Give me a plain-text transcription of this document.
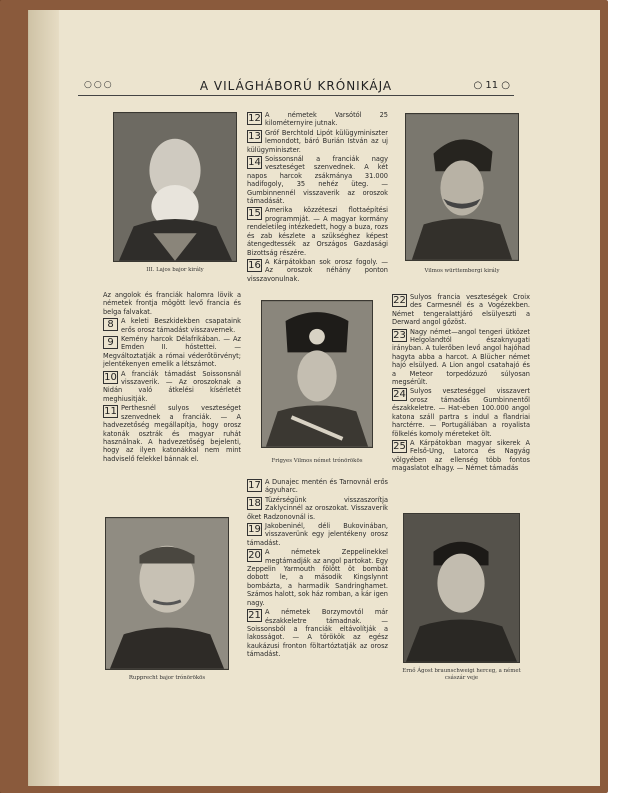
○○○	A VILÁGHÁBORÚ KRÓNIKÁJA	○ 11 ○
III. Lajos bajor király	Vilmos württembergi király
Frigyes Vilmos német trónörökös
Rupprecht bajor trónörökös
Ernő Ágost braunschweigi herceg, a német császár veje

12 A németek Varsótól 25 kilométernyire jutnak.

13 Gróf Berchtold Lipót külügyminiszter lemondott, báró Burián István az uj külügyminiszter.

14 Soissonsnál a franciák nagy veszteséget szenvednek. A két napos harcok zsákmánya 31.000 hadifogoly, 35 nehéz üteg. — Gumbinnennél visszaverik az oroszok támadását.

15 Amerika közzéteszi flottaépítési programmját. — A magyar kormány rendeletileg intézkedett, hogy a buza, rozs és zab készlete a szükséghez képest átengedtessék az Országos Gazdasági Bizottság részére.

16 A Kárpátokban sok orosz fogoly. — Az oroszok néhány ponton visszavonulnak.

Az angolok és franciák halomra lövik a németek frontja mögött levő francia és belga falvakat.

8	A keleti Beszkidekben csapataink erős orosz támadást visszavernek.

9	Kemény harcok Délafrikában. — Az Emden II. hóstettei. — Megváltoztatják a római véderőtörvényt; jelentékenyen emelik a létszámot.

10 A franciák támadást Soissonsnál visszaverik. — Az oroszoknak a Nidán való átkelési kísérletét meghiusitják.

11 Perthesnél sulyos veszteséget szenvednek a franciák. — A hadvezetőség megállapítja, hogy orosz katonák osztrák és magyar ruhát használnak. A hadvezetőség bejelenti, hogy az ilyen katonákkal nem mint hadviselő felekkel bánnak el.

17 A Dunajec mentén és Tarnovnál erős ágyuharc.

18 Tüzérségünk visszaszorítja Zaklycinnél az oroszokat. Visszaverik őket Radzonovnál is.

19 Jakobeninél, déli Bukovinában, visszaverünk egy jelentékeny orosz támadást.

20 A németek Zeppelinekkel megtámadják az angol partokat. Egy Zeppelin Yarmouth fölött öt bombát dobott le, a második Kingslynnt bombázta, a harmadik Sandringhamet. Számos halott, sok ház romban, a kár igen nagy.

21 A németek Borzymovtól már északkeletre támadnak. — Soissonsból a franciák eltávolítják a lakosságot. — A törökök az egész kaukázusi fronton föltartóztatják az orosz támadást.

22 Sulyos francia veszteségek Croix des Carmesnél és a Vogézekben. Német tengeralattjáró elsülyeszti a Derward angol gőzöst.

23 Nagy német—angol tengeri ütközet Helgolandtól északnyugati irányban. A tulerőben levő angol hajóhad hagyta abba a harcot. A Blücher német hajó elsülyed. A Lion angol csatahajó és a Meteor torpedózuzó súlyosan megsérült.

24 Sulyos veszteséggel visszavert orosz támadás Gumbinnentől északkeletre. — Hat-eben 100.000 angol katona száll partra s indul a flandriai harctérre. — Portugáliában a royalista fölkelés komoly méreteket ölt.

25 A Kárpátokban magyar sikerek A Felső-Ung, Latorca és Nagyág völgyében az ellenség több fontos magaslatot elhagy. — Német támadás
